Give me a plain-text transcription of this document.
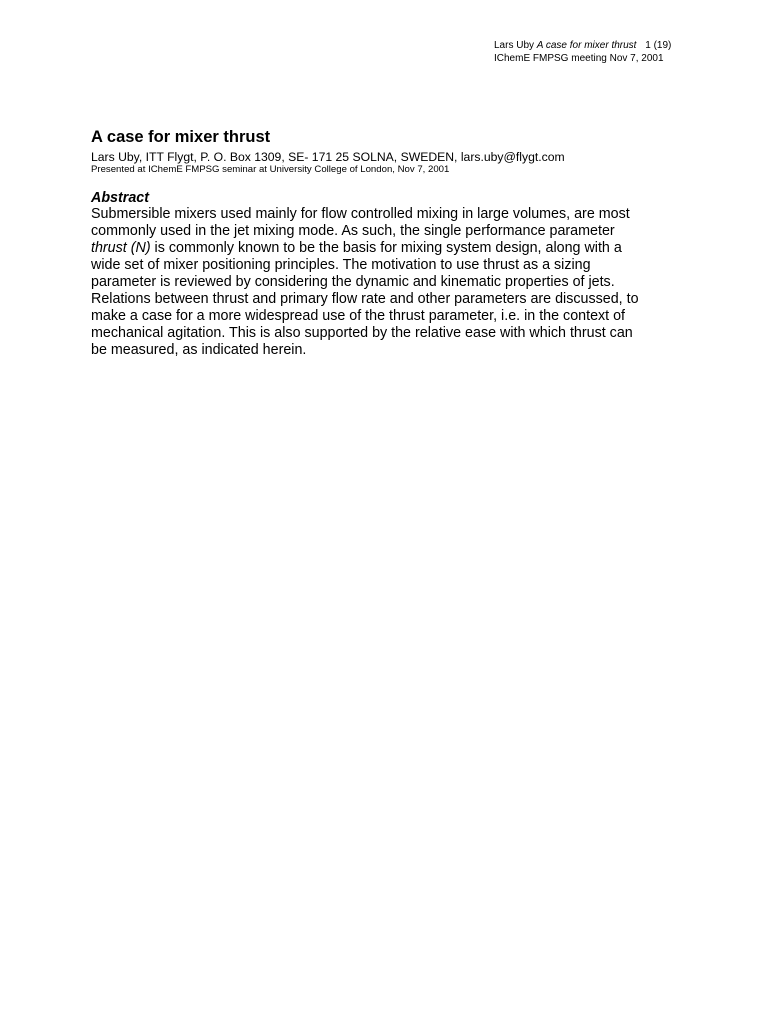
Lars Uby A case for mixer thrust 1 (19)
IChemE FMPSG meeting Nov 7, 2001
A case for mixer thrust
Lars Uby, ITT Flygt, P. O. Box 1309, SE- 171 25 SOLNA, SWEDEN, lars.uby@flygt.com
Presented at IChemE FMPSG seminar at University College of London, Nov 7, 2001
Abstract
Submersible mixers used mainly for flow controlled mixing in large volumes, are most
commonly used in the jet mixing mode. As such, the single performance parameter
thrust (N) is commonly known to be the basis for mixing system design, along with a
wide set of mixer positioning principles. The motivation to use thrust as a sizing
parameter is reviewed by considering the dynamic and kinematic properties of jets.
Relations between thrust and primary flow rate and other parameters are discussed, to
make a case for a more widespread use of the thrust parameter, i.e. in the context of
mechanical agitation. This is also supported by the relative ease with which thrust can
be measured, as indicated herein.
